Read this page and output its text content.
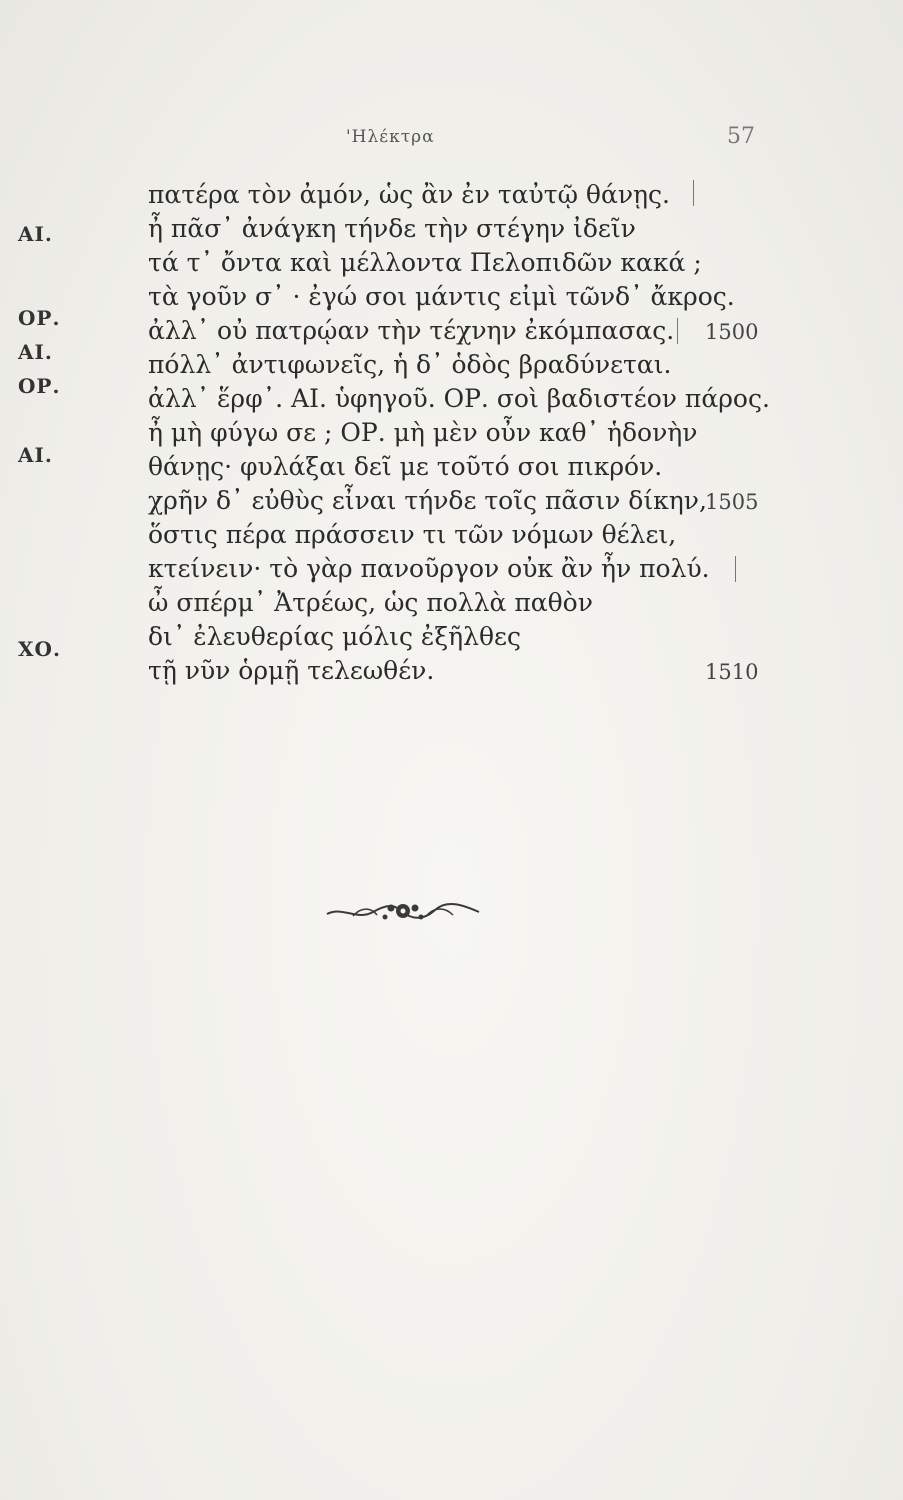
'Ηλέκτρα	57
ΑΙ.
ΟΡ.
ΑΙ.
ΟΡ.
ΑΙ.
ΧΟ.
πατέρα τὸν ἀμόν, ὡς ἂν ἐν ταὐτῷ θάνῃς.
ἦ πᾶσ᾽ ἀνάγκη τήνδε τὴν στέγην ἰδεῖν
τά τ᾽ ὄντα καὶ μέλλοντα Πελοπιδῶν κακά ;
τὰ γοῦν σ᾽ · ἐγώ σοι μάντις εἰμὶ τῶνδ᾽ ἄκρος.
ἀλλ᾽ οὐ πατρῴαν τὴν τέχνην ἐκόμπασας.
πόλλ᾽ ἀντιφωνεῖς, ἡ δ᾽ ὁδὸς βραδύνεται.
ἀλλ᾽ ἕρφ᾽. ΑΙ. ὑφηγοῦ. ΟΡ. σοὶ βαδιστέον πάρος.
ἦ μὴ φύγω σε ; ΟΡ. μὴ μὲν οὖν καθ᾽ ἡδονὴν
θάνῃς· φυλάξαι δεῖ με τοῦτό σοι πικρόν.
χρῆν δ᾽ εὐθὺς εἶναι τήνδε τοῖς πᾶσιν δίκην,
ὅστις πέρα πράσσειν τι τῶν νόμων θέλει,
κτείνειν· τὸ γὰρ πανοῦργον οὐκ ἂν ἦν πολύ.
ὦ σπέρμ᾽ Ἀτρέως, ὡς πολλὰ παθὸν
δι᾽ ἐλευθερίας μόλις ἐξῆλθες
τῇ νῦν ὁρμῇ τελεωθέν.
1500
1505
1510
